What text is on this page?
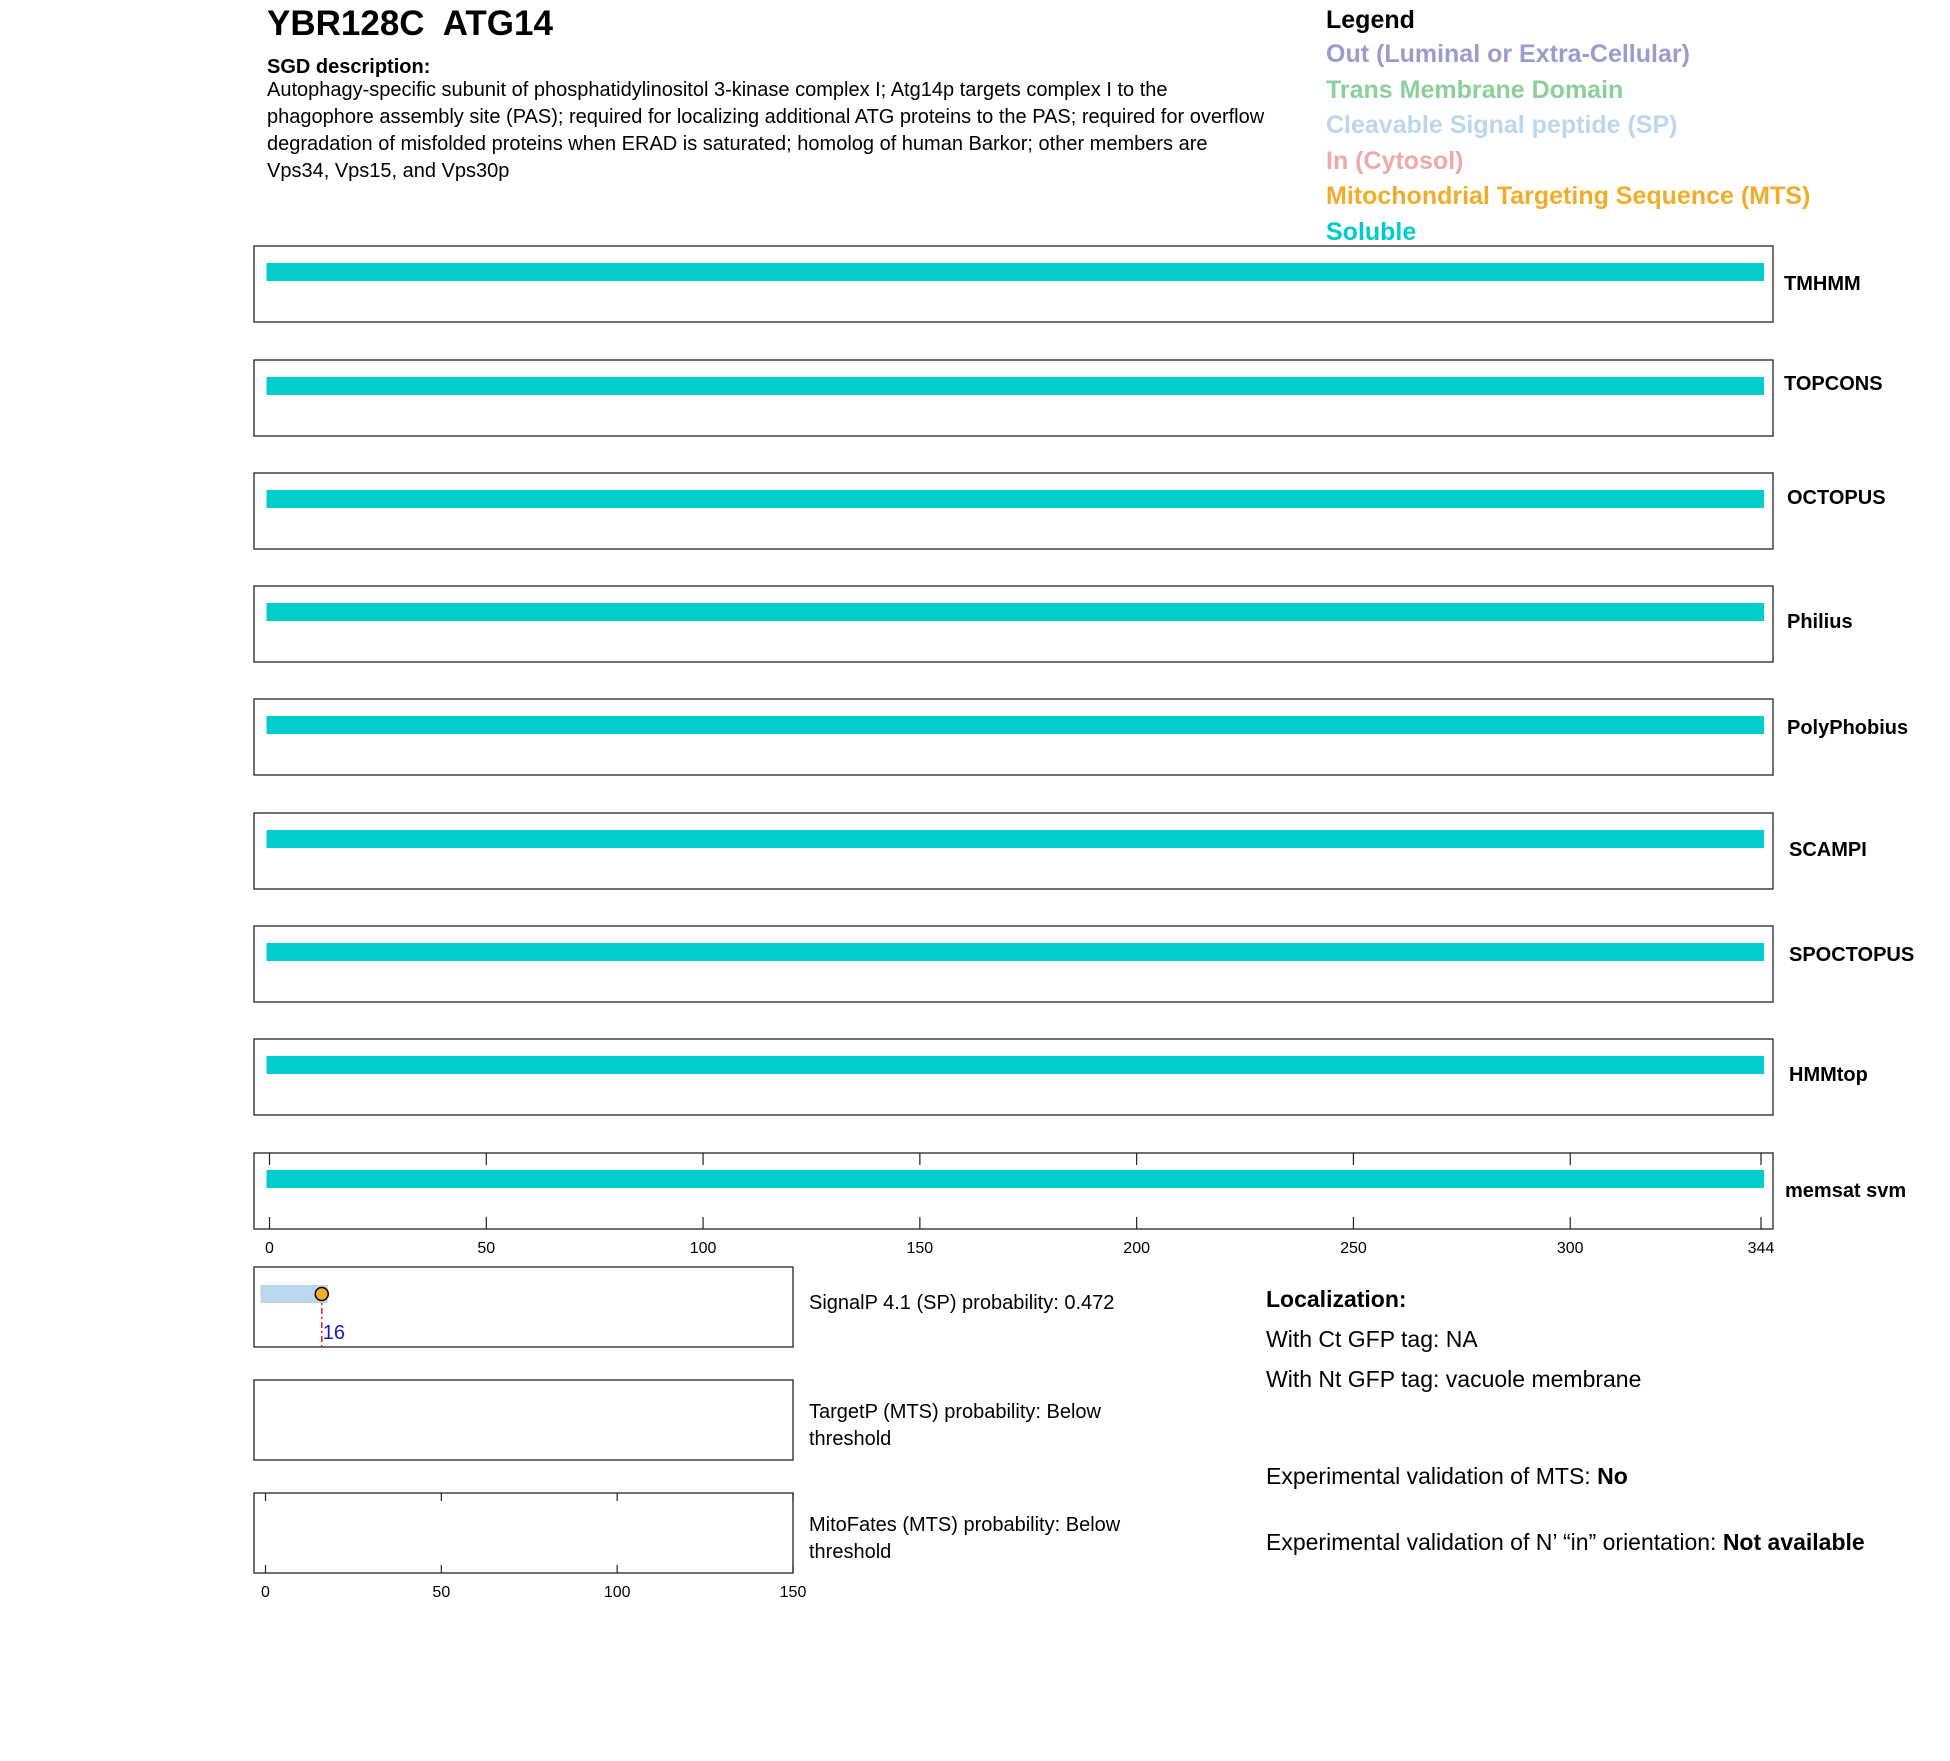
YBR128C  ATG14
SGD description:
Autophagy-specific subunit of phosphatidylinositol 3-kinase complex I; Atg14p targets complex I to the phagophore assembly site (PAS); required for localizing additional ATG proteins to the PAS; required for overflow degradation of misfolded proteins when ERAD is saturated; homolog of human Barkor; other members are Vps34, Vps15, and Vps30p
Legend
Out (Luminal or Extra-Cellular)
Trans Membrane Domain
Cleavable Signal peptide (SP)
In (Cytosol)
Mitochondrial Targeting Sequence (MTS)
Soluble
TMHMM
TOPCONS
OCTOPUS
Philius
PolyPhobius
SCAMPI
SPOCTOPUS
HMMtop
memsat svm
0	50	100	150	200	250	300	344
16
SignalP 4.1 (SP) probability: 0.472
TargetP (MTS) probability: Below threshold
MitoFates (MTS) probability: Below threshold
0	50	100	150
Localization:
With Ct GFP tag: NA
With Nt GFP tag: vacuole membrane
Experimental validation of MTS: No
Experimental validation of N’ “in” orientation: Not available
